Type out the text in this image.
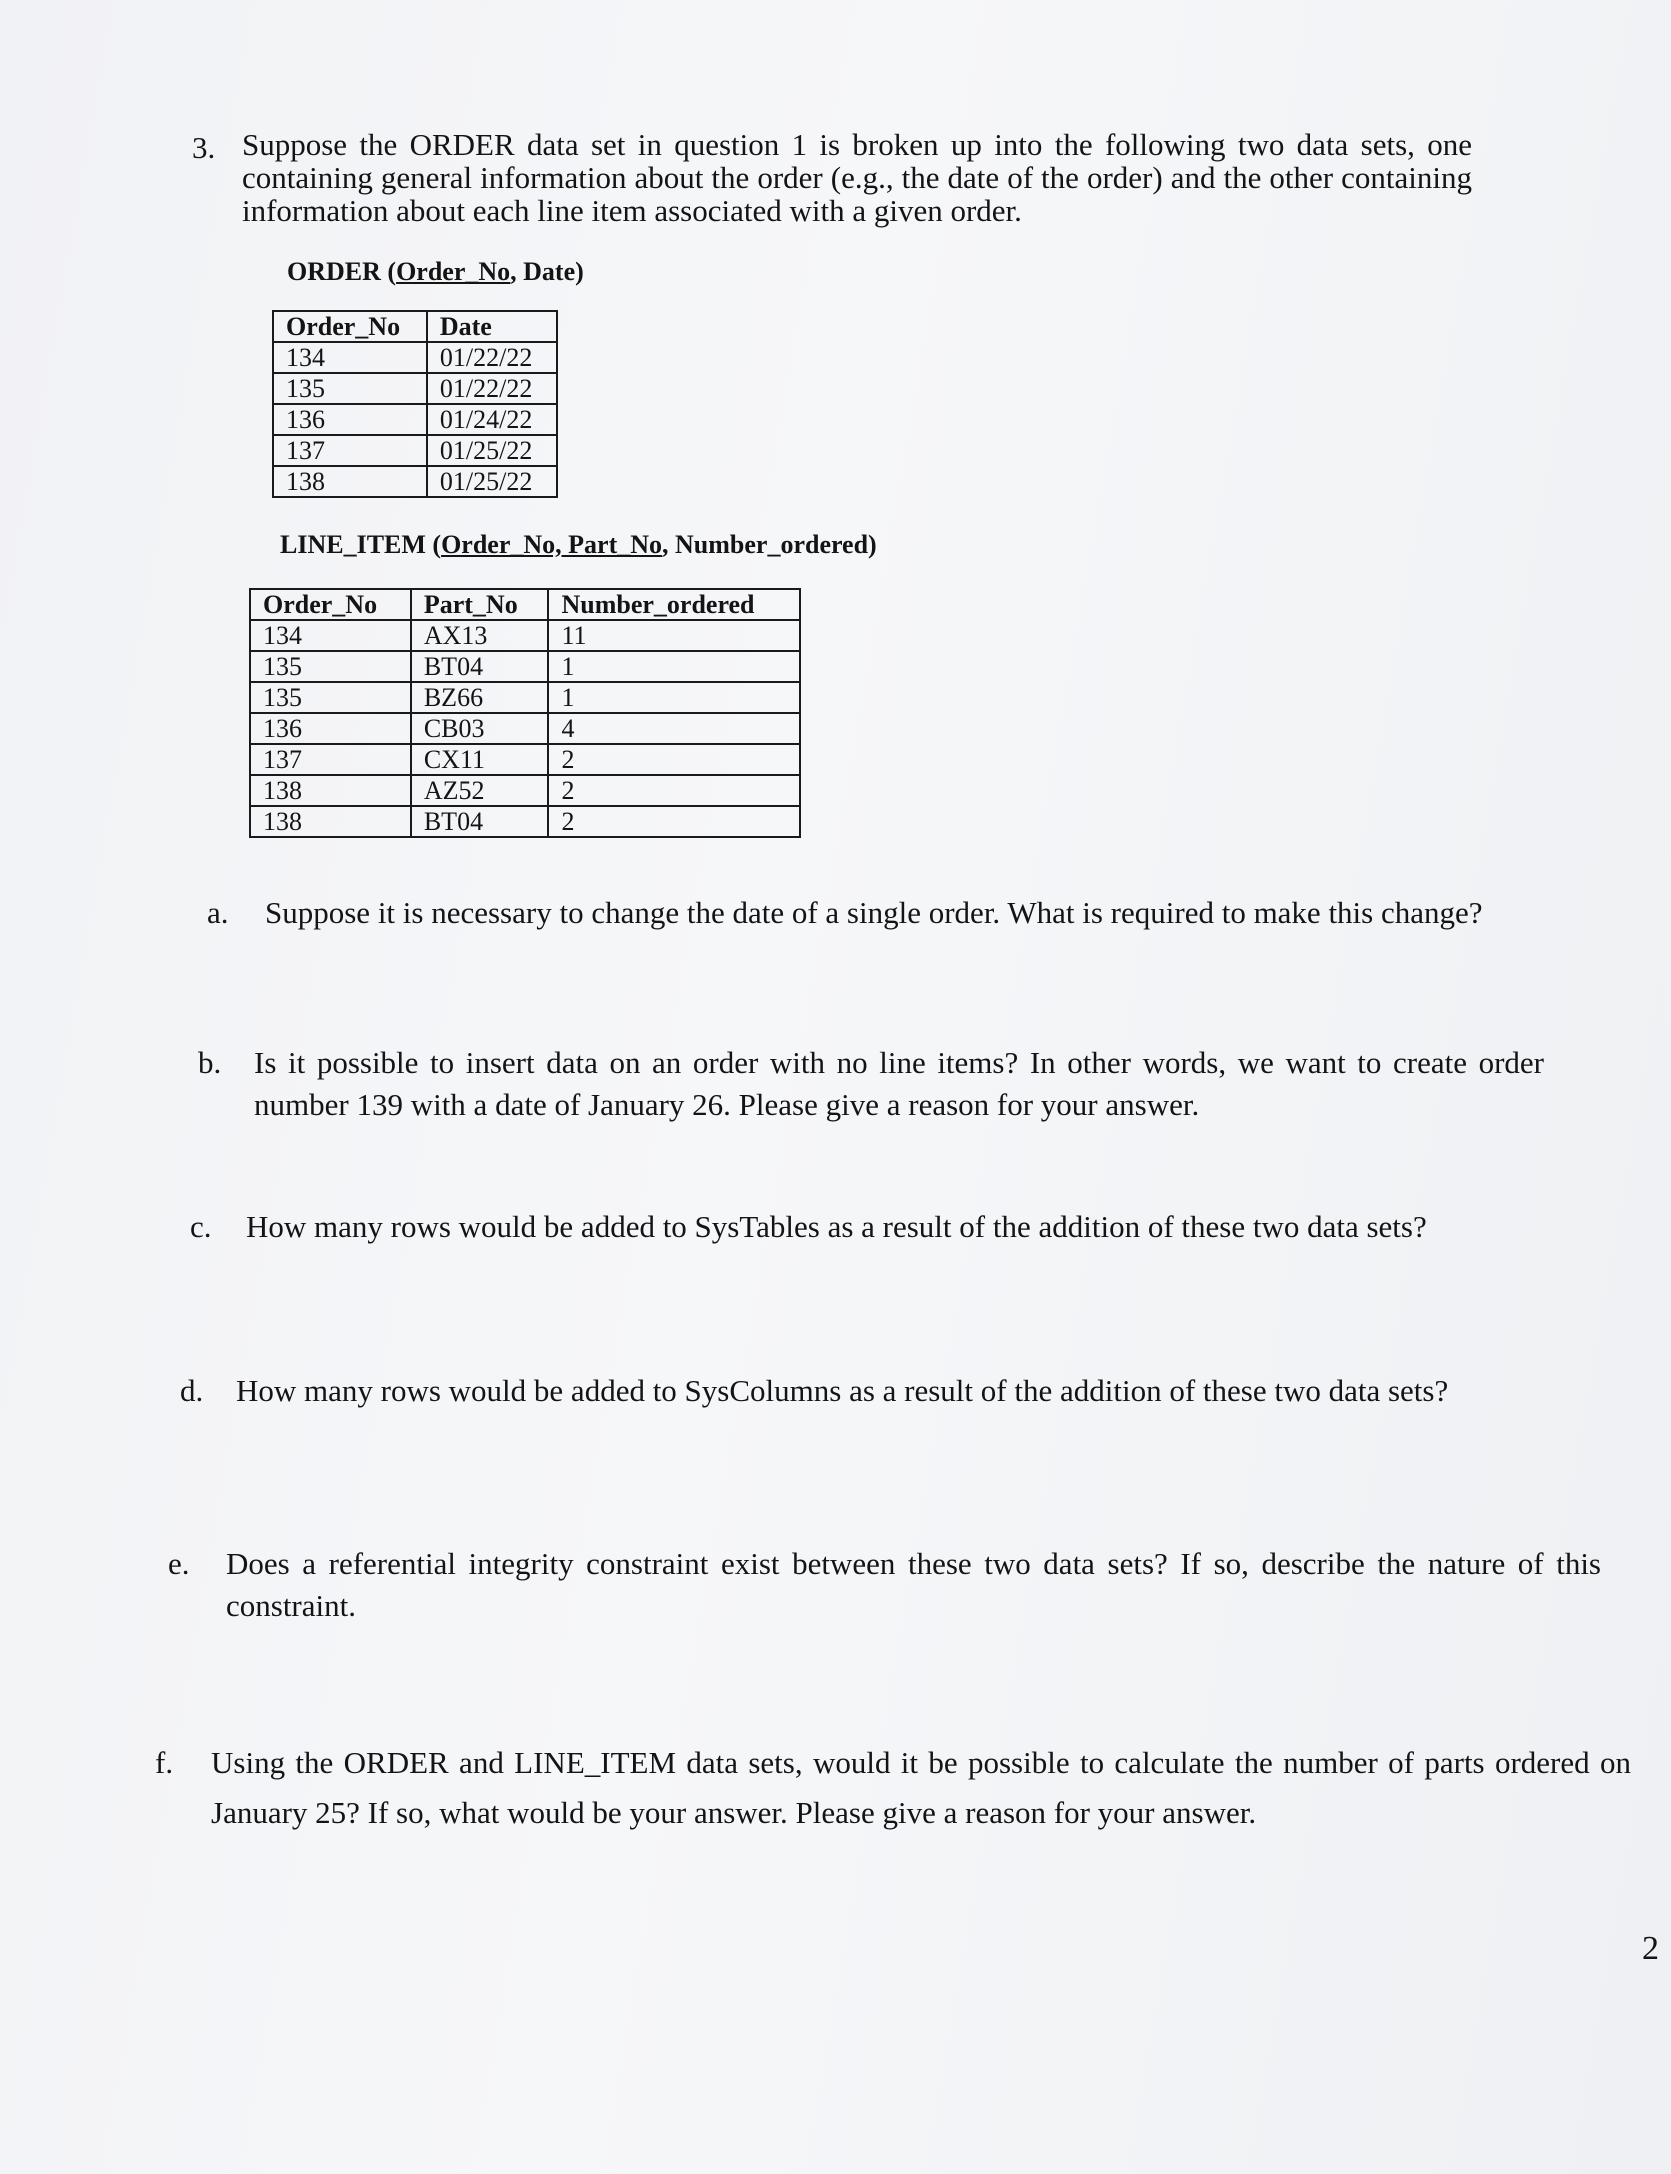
3. Suppose the ORDER data set in question 1 is broken up into the following two data sets, one containing general information about the order (e.g., the date of the order) and the other containing information about each line item associated with a given order.
ORDER (Order_No, Date)
Order_No	Date
134	01/22/22
135	01/22/22
136	01/24/22
137	01/25/22
138	01/25/22
LINE_ITEM (Order_No, Part_No, Number_ordered)
Order_No	Part_No	Number_ordered
134	AX13	11
135	BT04	1
135	BZ66	1
136	CB03	4
137	CX11	2
138	AZ52	2
138	BT04	2
a. Suppose it is necessary to change the date of a single order. What is required to make this change?
b. Is it possible to insert data on an order with no line items? In other words, we want to create order number 139 with a date of January 26. Please give a reason for your answer.
c. How many rows would be added to SysTables as a result of the addition of these two data sets?
d. How many rows would be added to SysColumns as a result of the addition of these two data sets?
e. Does a referential integrity constraint exist between these two data sets? If so, describe the nature of this constraint.
f. Using the ORDER and LINE_ITEM data sets, would it be possible to calculate the number of parts ordered on January 25? If so, what would be your answer. Please give a reason for your answer.
2
